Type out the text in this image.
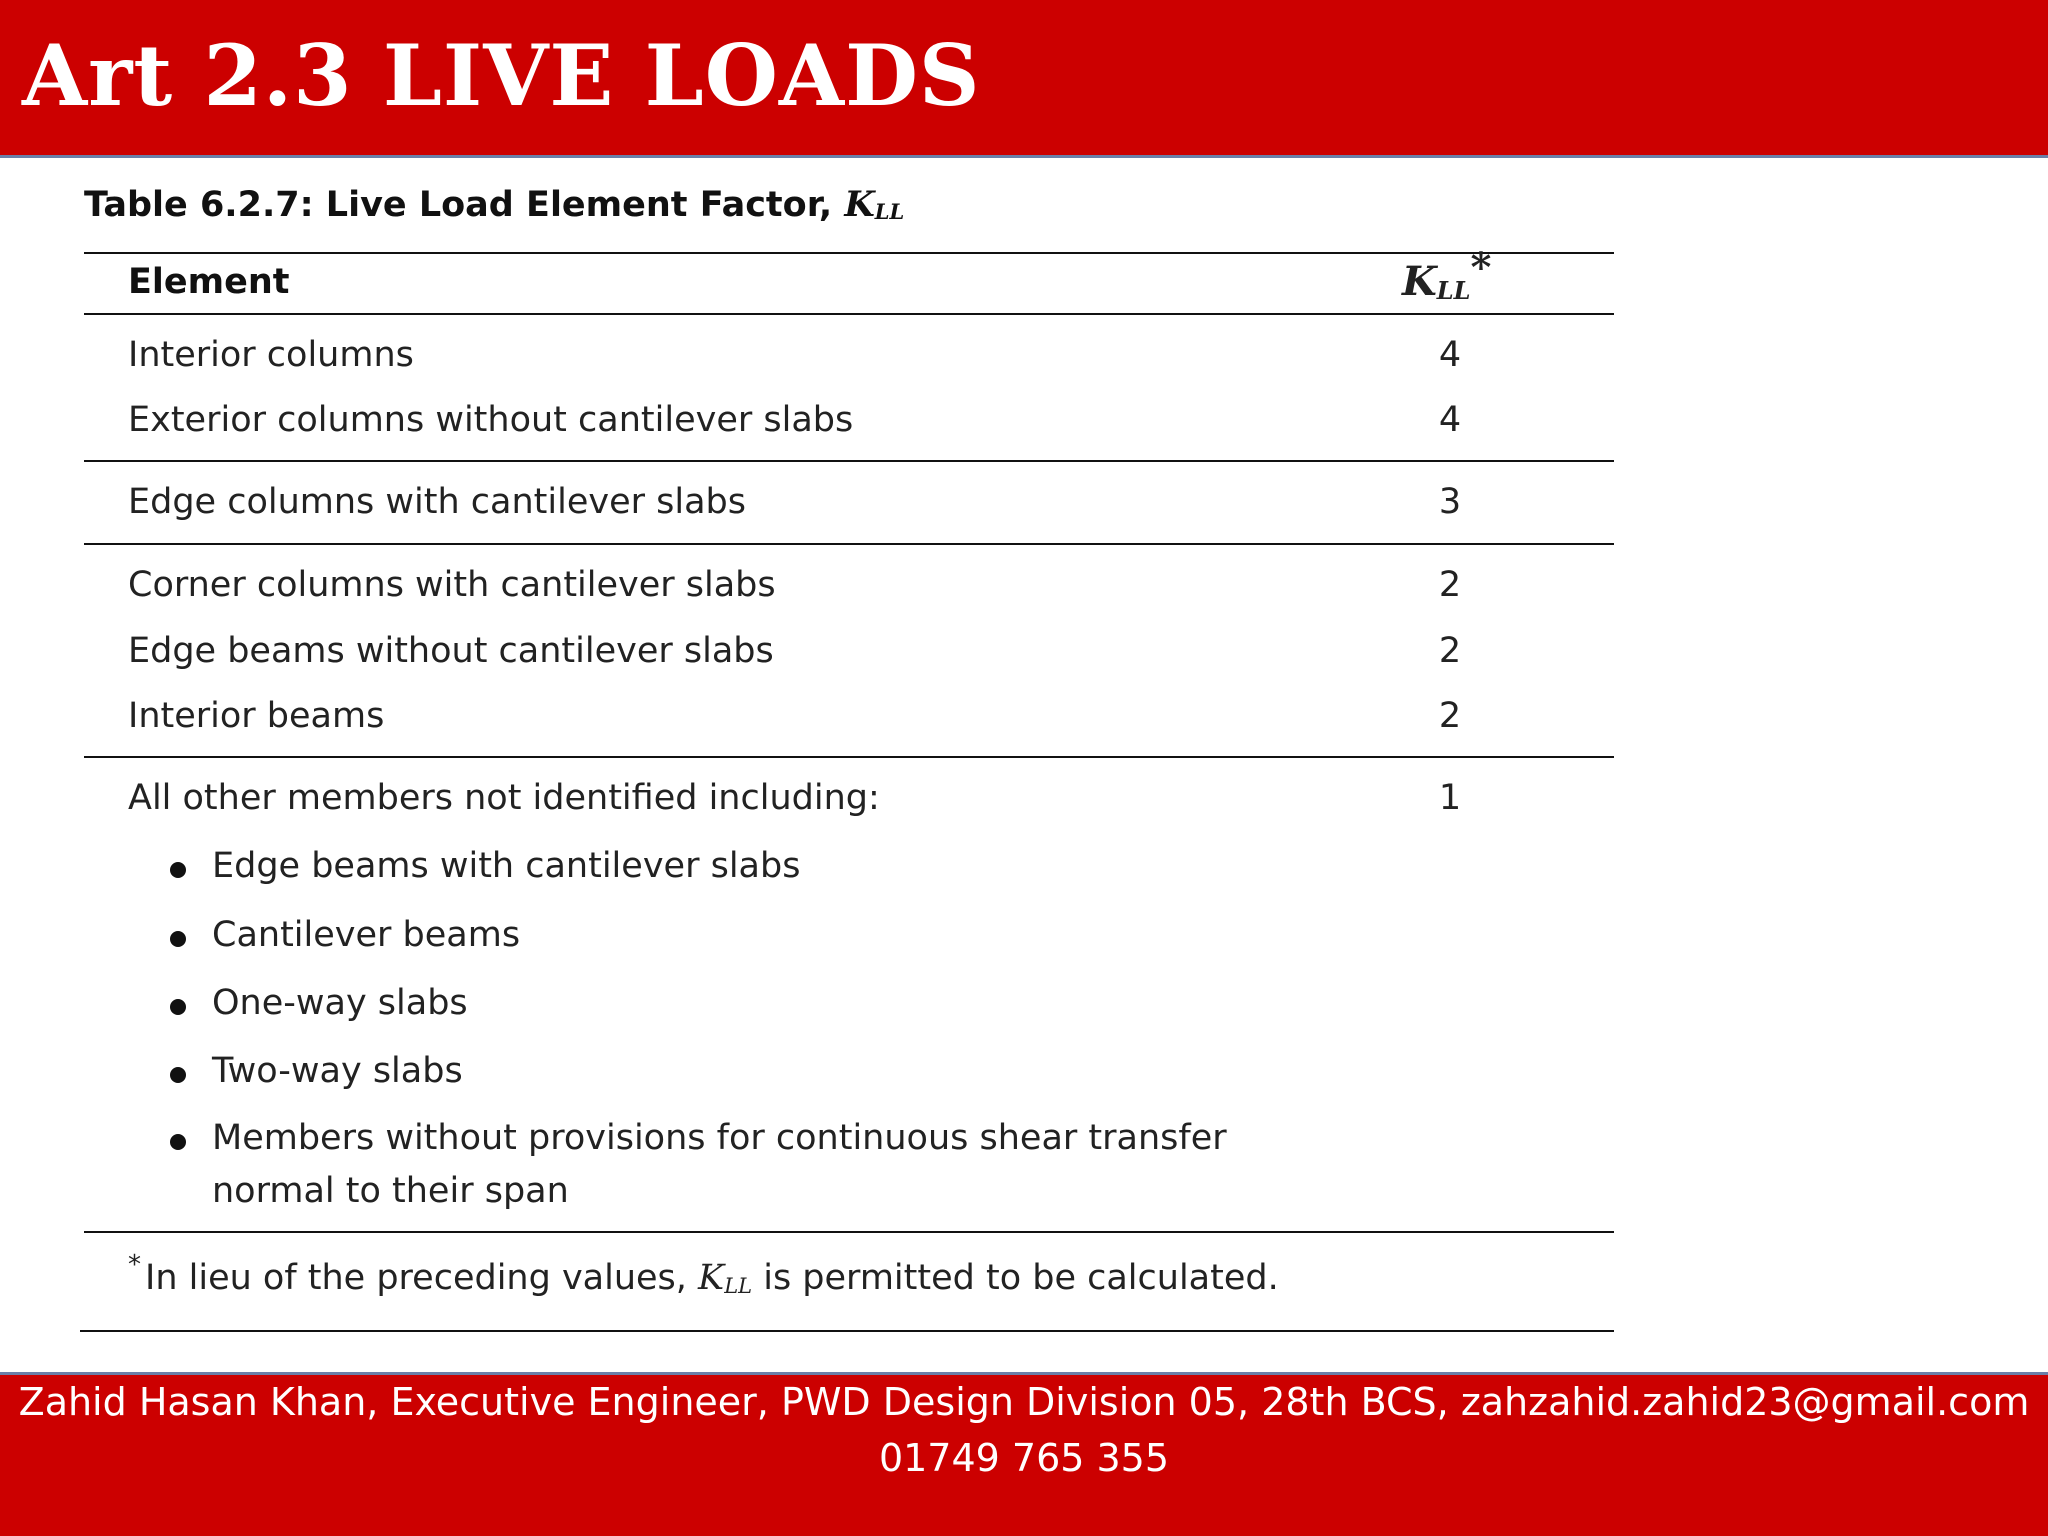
Art 2.3 LIVE LOADS
Table 6.2.7: Live Load Element Factor, $K_{LL}$
Element	$K_{LL}*$
Interior columns	4
Exterior columns without cantilever slabs	4
Edge columns with cantilever slabs	3
Corner columns with cantilever slabs	2
Edge beams without cantilever slabs	2
Interior beams	2
All other members not identified including:	1
Edge beams with cantilever slabs
Cantilever beams
One-way slabs
Two-way slabs
Members without provisions for continuous shear transfer
normal to their span
* In lieu of the preceding values, $K_{LL}$ is permitted to be calculated.
Zahid Hasan Khan, Executive Engineer, PWD Design Division 05, 28th BCS, zahzahid.zahid23@gmail.com
01749 765 355
